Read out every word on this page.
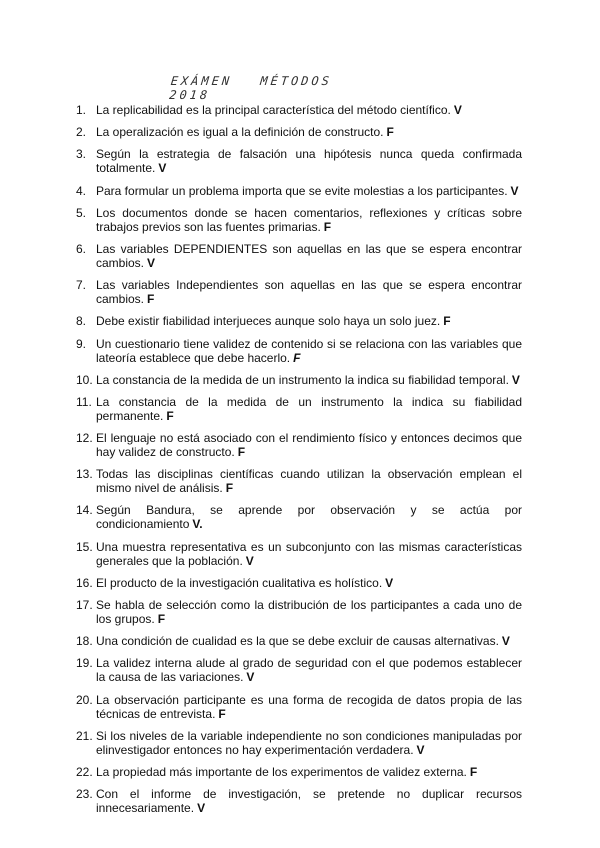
EXÁMEN MÉTODOS 2018
1. La replicabilidad es la principal característica del método científico. V
2. La operalización es igual a la definición de constructo. F
3. Según la estrategia de falsación una hipótesis nunca queda confirmada totalmente. V
4. Para formular un problema importa que se evite molestias a los participantes. V
5. Los documentos donde se hacen comentarios, reflexiones y críticas sobre trabajos previos son las fuentes primarias. F
6. Las variables DEPENDIENTES son aquellas en las que se espera encontrar cambios. V
7. Las variables Independientes son aquellas en las que se espera encontrar cambios. F
8. Debe existir fiabilidad interjueces aunque solo haya un solo juez. F
9. Un cuestionario tiene validez de contenido si se relaciona con las variables que lateoría establece que debe hacerlo. F
10. La constancia de la medida de un instrumento la indica su fiabilidad temporal. V
11. La constancia de la medida de un instrumento la indica su fiabilidad permanente. F
12. El lenguaje no está asociado con el rendimiento físico y entonces decimos que hay validez de constructo. F
13. Todas las disciplinas científicas cuando utilizan la observación emplean el mismo nivel de análisis. F
14. Según Bandura, se aprende por observación y se actúa por condicionamiento V.
15. Una muestra representativa es un subconjunto con las mismas características generales que la población. V
16. El producto de la investigación cualitativa es holístico. V
17. Se habla de selección como la distribución de los participantes a cada uno de los grupos. F
18. Una condición de cualidad es la que se debe excluir de causas alternativas. V
19. La validez interna alude al grado de seguridad con el que podemos establecer la causa de las variaciones. V
20. La observación participante es una forma de recogida de datos propia de las técnicas de entrevista. F
21. Si los niveles de la variable independiente no son condiciones manipuladas por elinvestigador entonces no hay experimentación verdadera. V
22. La propiedad más importante de los experimentos de validez externa. F
23. Con el informe de investigación, se pretende no duplicar recursos innecesariamente. V
